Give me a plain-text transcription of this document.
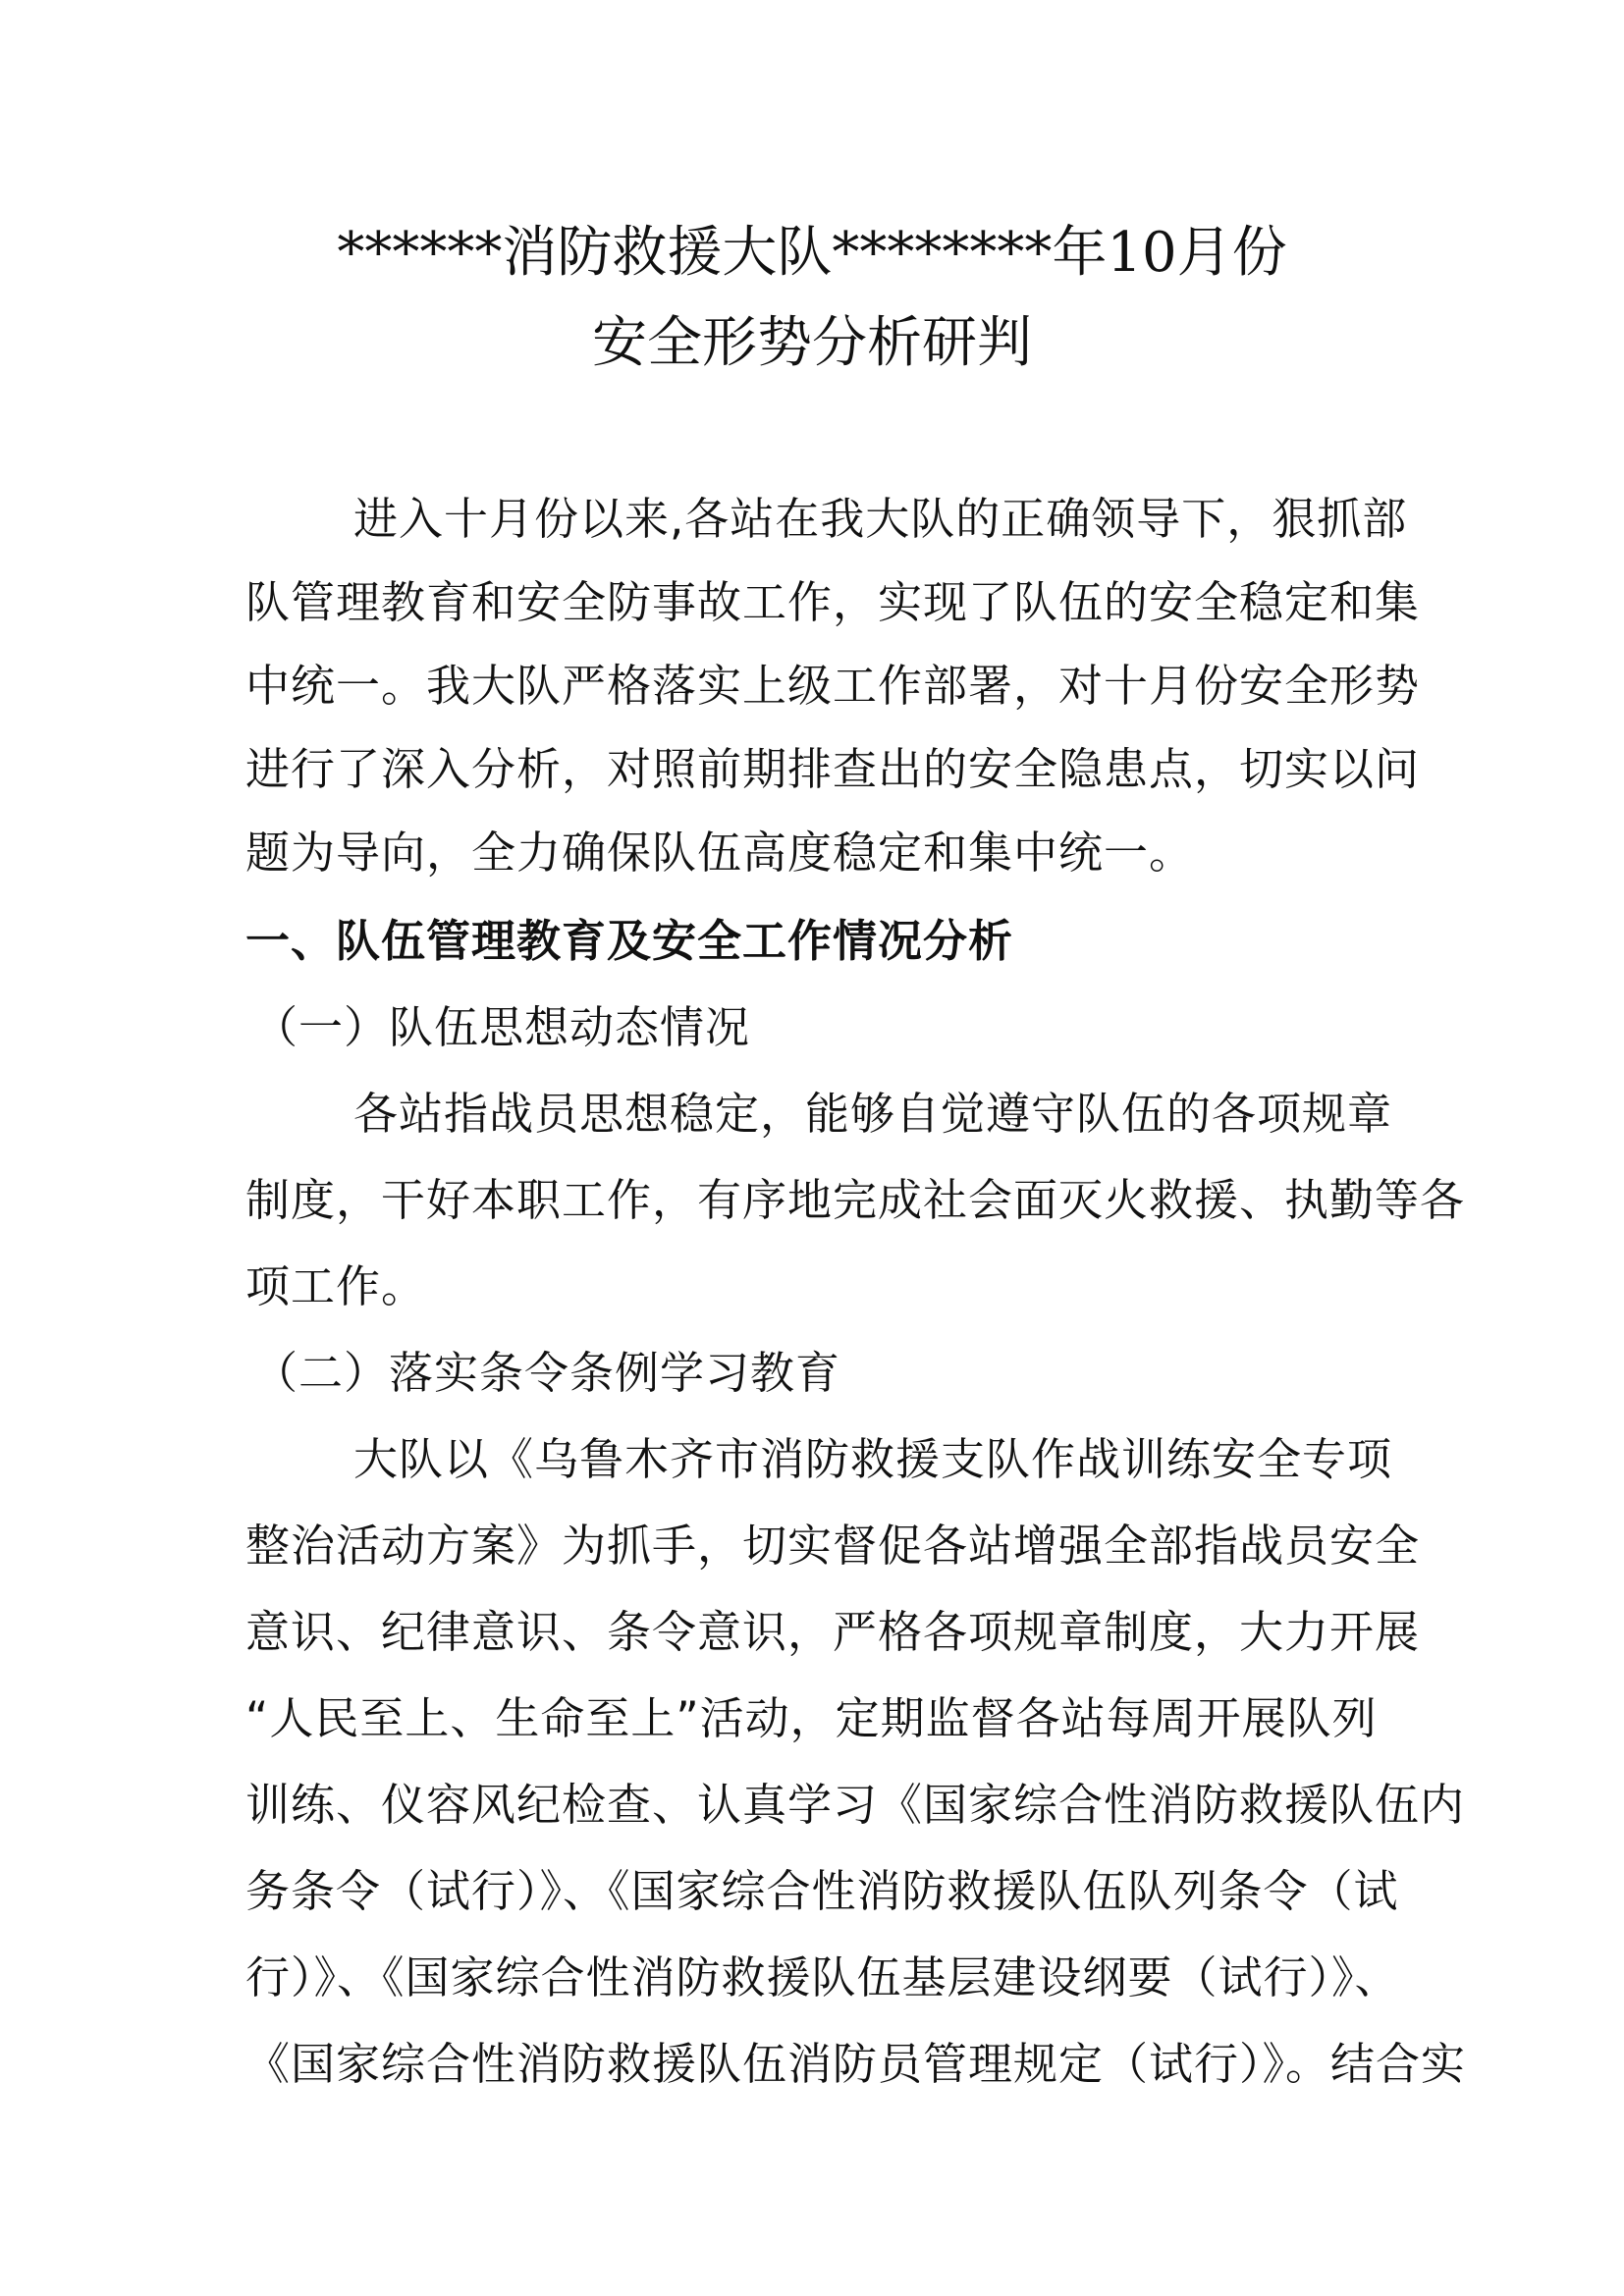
******消防救援大队********年10月份
安全形势分析研判
进入十月份以来,各站在我大队的正确领导下，狠抓部
队管理教育和安全防事故工作，实现了队伍的安全稳定和集
中统一。我大队严格落实上级工作部署，对十月份安全形势
进行了深入分析，对照前期排查出的安全隐患点，切实以问
题为导向，全力确保队伍高度稳定和集中统一。
一、队伍管理教育及安全工作情况分析
（一）队伍思想动态情况
各站指战员思想稳定，能够自觉遵守队伍的各项规章
制度，干好本职工作，有序地完成社会面灭火救援、执勤等各
项工作。
（二）落实条令条例学习教育
大队以《乌鲁木齐市消防救援支队作战训练安全专项
整治活动方案》为抓手，切实督促各站增强全部指战员安全
意识、纪律意识、条令意识，严格各项规章制度，大力开展
“人民至上、生命至上”活动，定期监督各站每周开展队列
训练、仪容风纪检查、认真学习《国家综合性消防救援队伍内
务条令（试行）》、《国家综合性消防救援队伍队列条令（试
行）》、《国家综合性消防救援队伍基层建设纲要（试行）》、
《国家综合性消防救援队伍消防员管理规定（试行）》。结合实
